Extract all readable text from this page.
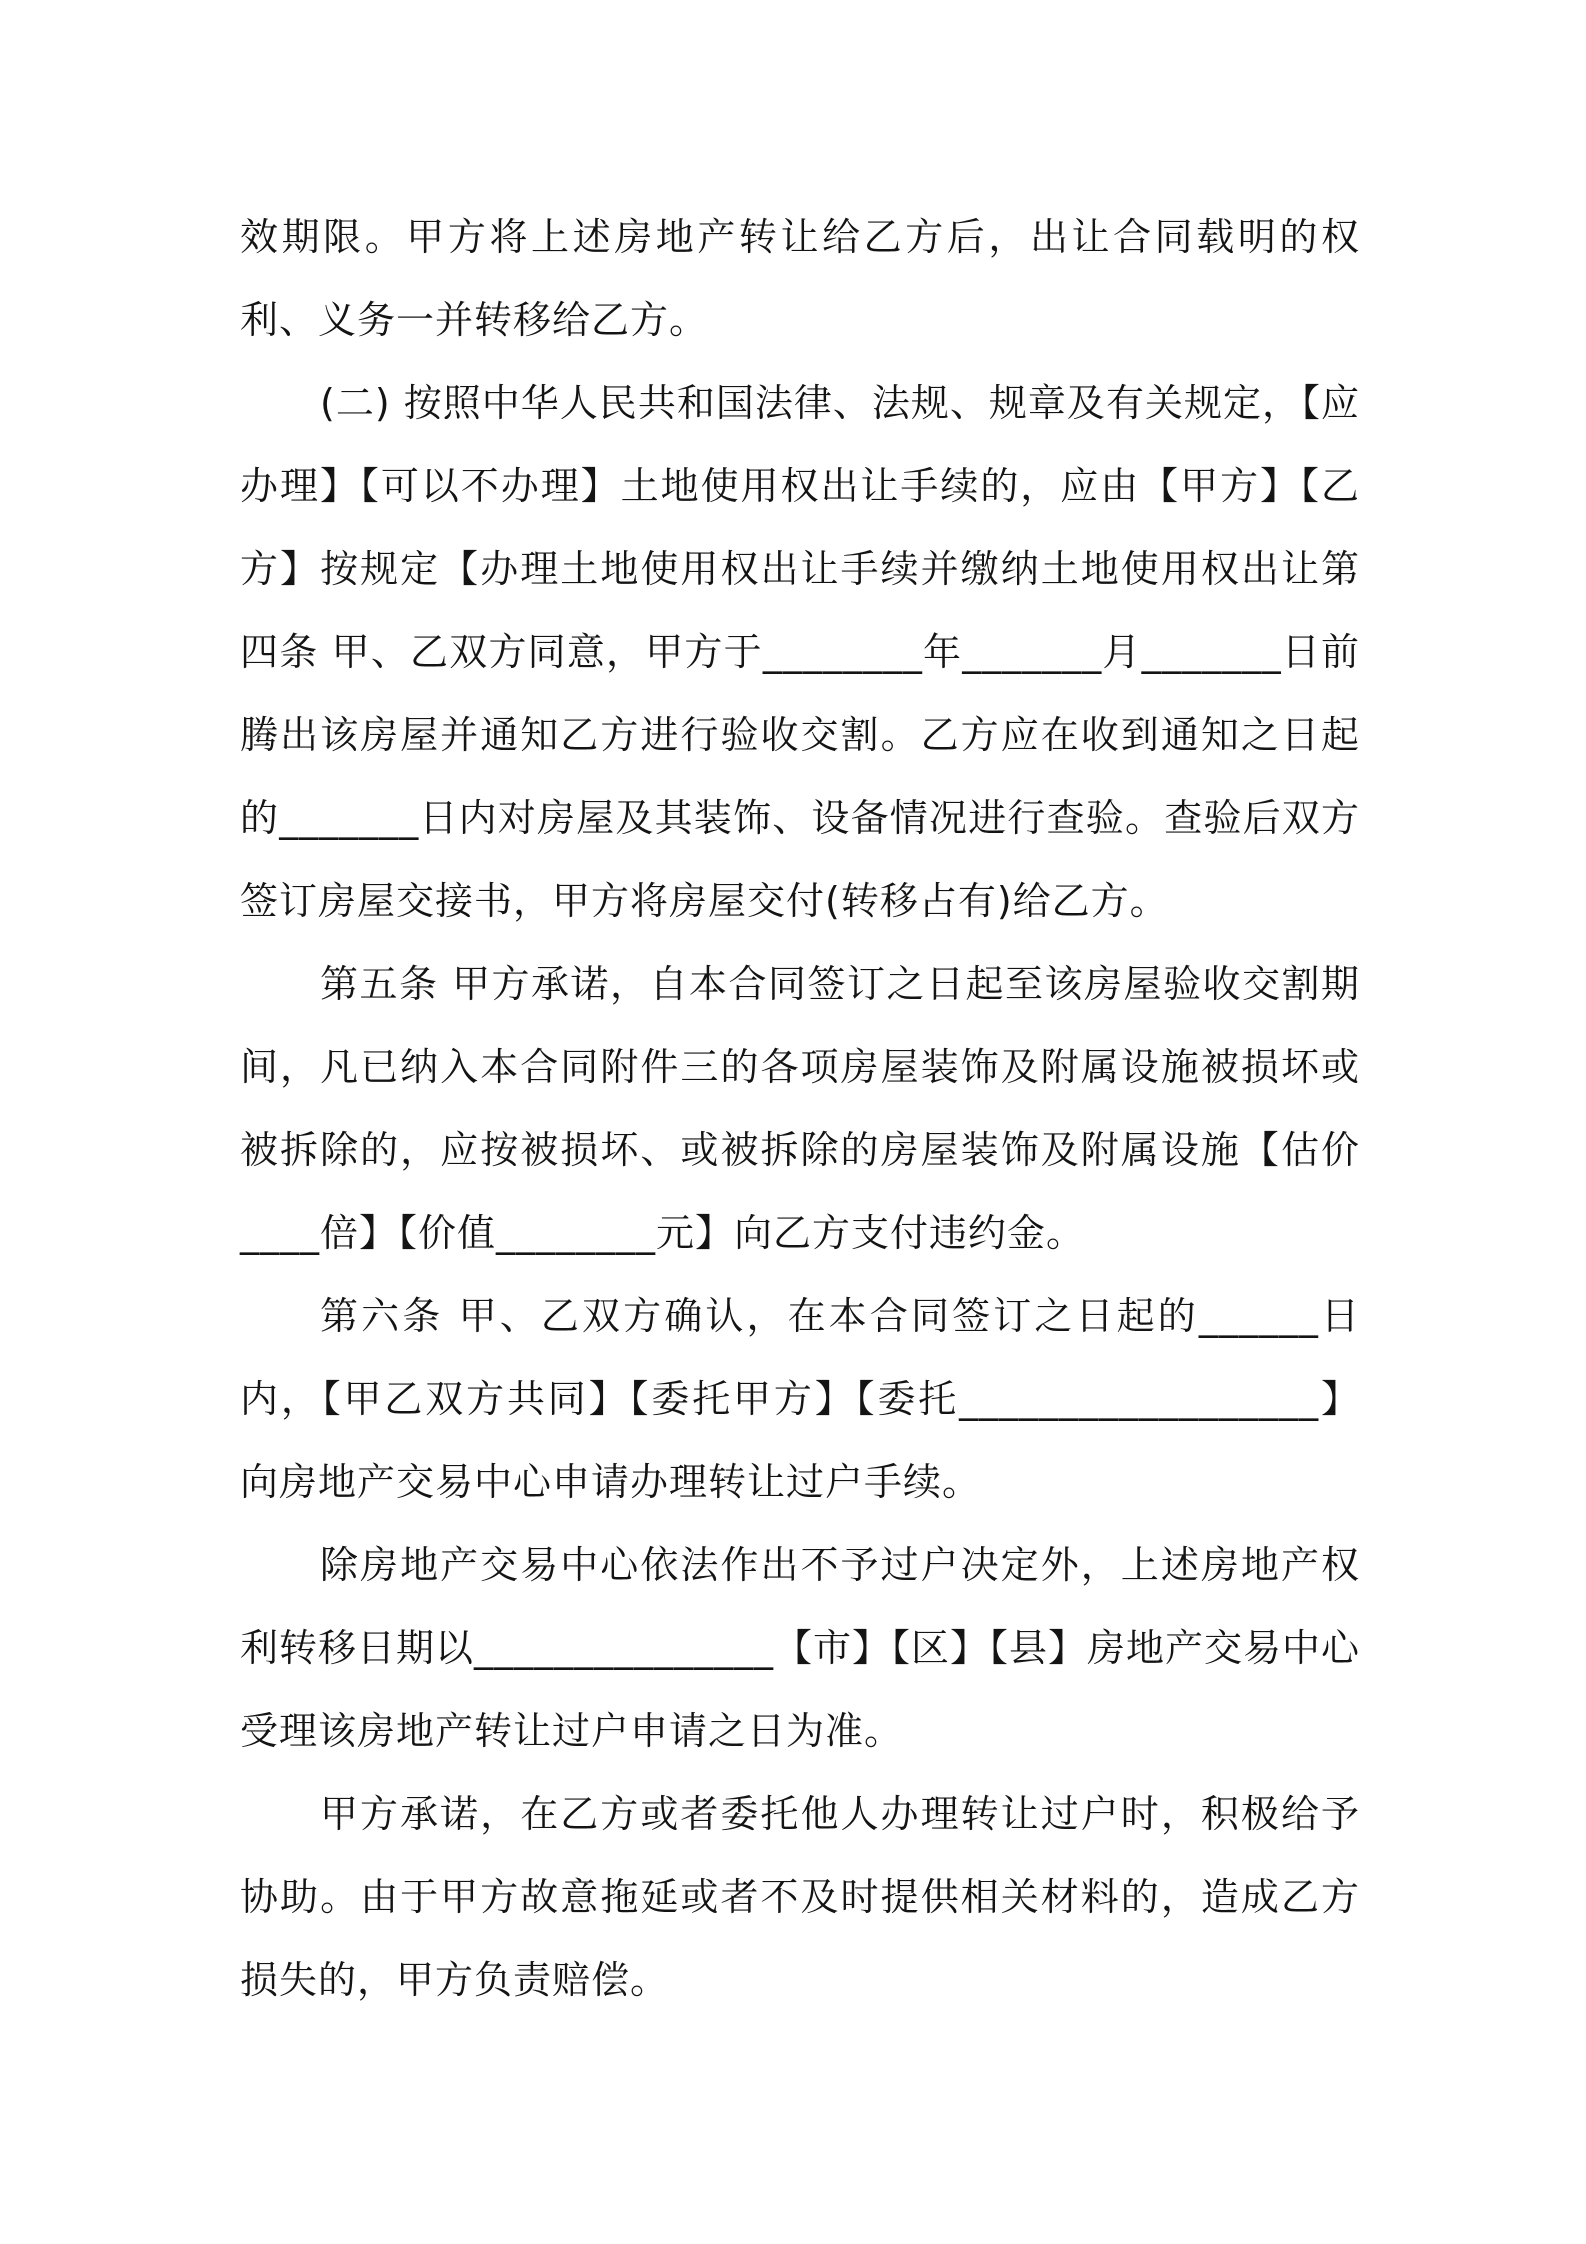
效期限。甲方将上述房地产转让给乙方后，出让合同载明的权利、义务一并转移给乙方。

(二) 按照中华人民共和国法律、法规、规章及有关规定，【应办理】【可以不办理】土地使用权出让手续的，应由【甲方】【乙方】按规定【办理土地使用权出让手续并缴纳土地使用权出让第四条 甲、乙双方同意，甲方于________年_______月_______日前腾出该房屋并通知乙方进行验收交割。乙方应在收到通知之日起的_______日内对房屋及其装饰、设备情况进行查验。查验后双方签订房屋交接书，甲方将房屋交付(转移占有)给乙方。

第五条 甲方承诺，自本合同签订之日起至该房屋验收交割期间，凡已纳入本合同附件三的各项房屋装饰及附属设施被损坏或被拆除的，应按被损坏、或被拆除的房屋装饰及附属设施【估价____倍】【价值________元】向乙方支付违约金。

第六条 甲、乙双方确认，在本合同签订之日起的______日内，【甲乙双方共同】【委托甲方】【委托__________________】向房地产交易中心申请办理转让过户手续。

除房地产交易中心依法作出不予过户决定外，上述房地产权利转移日期以_______________【市】【区】【县】房地产交易中心受理该房地产转让过户申请之日为准。

甲方承诺，在乙方或者委托他人办理转让过户时，积极给予协助。由于甲方故意拖延或者不及时提供相关材料的，造成乙方损失的，甲方负责赔偿。
